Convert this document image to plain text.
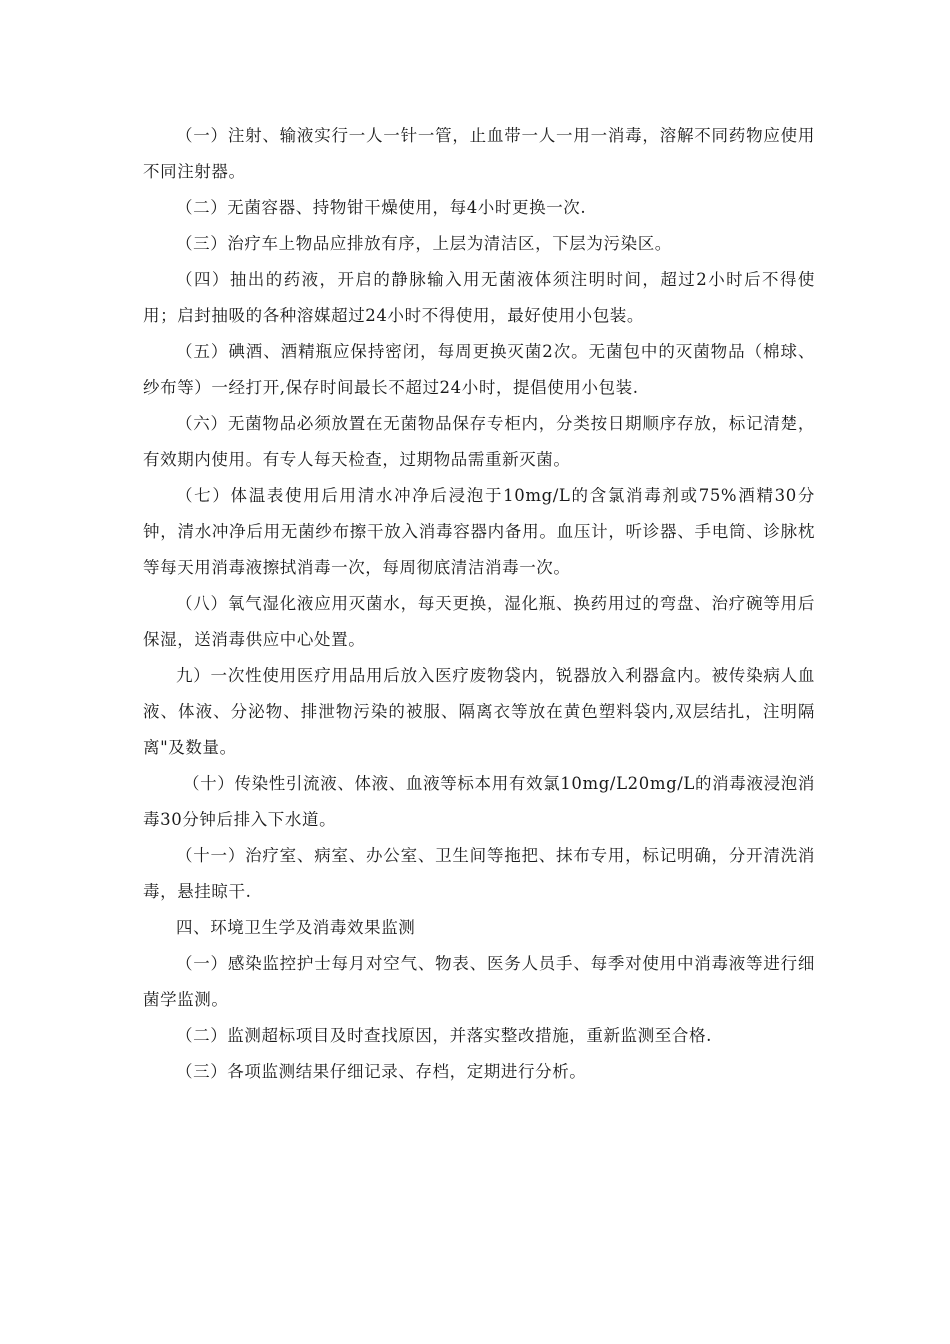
（一）注射、输液实行一人一针一管，止血带一人一用一消毒，溶解不同药物应使用不同注射器。

（二）无菌容器、持物钳干燥使用，每4小时更换一次.

（三）治疗车上物品应排放有序，上层为清洁区，下层为污染区。

（四）抽出的药液，开启的静脉输入用无菌液体须注明时间，超过2小时后不得使用；启封抽吸的各种溶媒超过24小时不得使用，最好使用小包装。

（五）碘酒、酒精瓶应保持密闭，每周更换灭菌2次。无菌包中的灭菌物品（棉球、纱布等）一经打开,保存时间最长不超过24小时，提倡使用小包装.

（六）无菌物品必须放置在无菌物品保存专柜内，分类按日期顺序存放，标记清楚，有效期内使用。有专人每天检查，过期物品需重新灭菌。

（七）体温表使用后用清水冲净后浸泡于10mg/L的含氯消毒剂或75%酒精30分钟，清水冲净后用无菌纱布擦干放入消毒容器内备用。血压计，听诊器、手电筒、诊脉枕等每天用消毒液擦拭消毒一次，每周彻底清洁消毒一次。

（八）氧气湿化液应用灭菌水，每天更换，湿化瓶、换药用过的弯盘、治疗碗等用后保湿，送消毒供应中心处置。

九）一次性使用医疗用品用后放入医疗废物袋内，锐器放入利器盒内。被传染病人血液、体液、分泌物、排泄物污染的被服、隔离衣等放在黄色塑料袋内,双层结扎，注明隔离"及数量。

（十）传染性引流液、体液、血液等标本用有效氯10mg/L20mg/L的消毒液浸泡消毒30分钟后排入下水道。

（十一）治疗室、病室、办公室、卫生间等拖把、抹布专用，标记明确，分开清洗消毒，悬挂晾干.

四、环境卫生学及消毒效果监测

（一）感染监控护士每月对空气、物表、医务人员手、每季对使用中消毒液等进行细菌学监测。

（二）监测超标项目及时查找原因，并落实整改措施，重新监测至合格.

（三）各项监测结果仔细记录、存档，定期进行分析。
